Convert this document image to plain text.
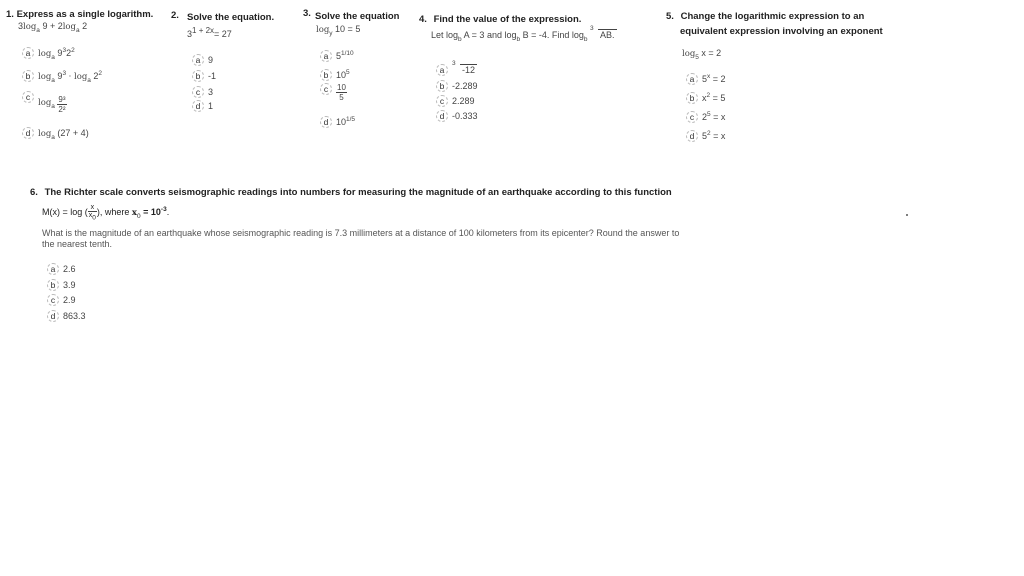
1. Express as a single logarithm.
$3\log_a$ $9 + 2\log_a$ 2
a $\log_a 9^32^2$
b $\log_a 9^3 \cdot \log_a 2^2$
$clog_a \frac{\text{9³}}{\text{2²}}$
d $\log_a (27 + 4)$
2. Solve the equation.
$3^{1 + 2x}= 27$
a 9
b -1
c 3
d 1
3. Solve the equation
$\log_y 10 = 5$
a $5^{1/10}$
b $10^5$
c $\frac{10}{5}$
d $10^{1/5}$
4. Find the value of the expression.
Let $\log_b A = 3$ and $\log_b B = -4$. Find $\log_b$
3
AB.
a
3
-12
b -2.289
c 2.289
d -0.333
5. Change the logarithmic expression to an
equivalent expression involving an exponent
$\log_5 x = 2$
a $5^x = 2$
b $x^2 = 5$
c $2^5 = x$
d $5^2 = x$
6. The Richter scale converts seismographic readings into numbers for measuring the magnitude of an earthquake according to this function
M(x) = log ( $\frac{x}{x_0}$ ), where $x_0 = 10^{-3}$.
What is the magnitude of an earthquake whose seismographic reading is 7.3 millimeters at a distance of 100 kilometers from its epicenter? Round the answer to
the nearest tenth.
a 2.6
b 3.9
c 2.9
d 863.3
